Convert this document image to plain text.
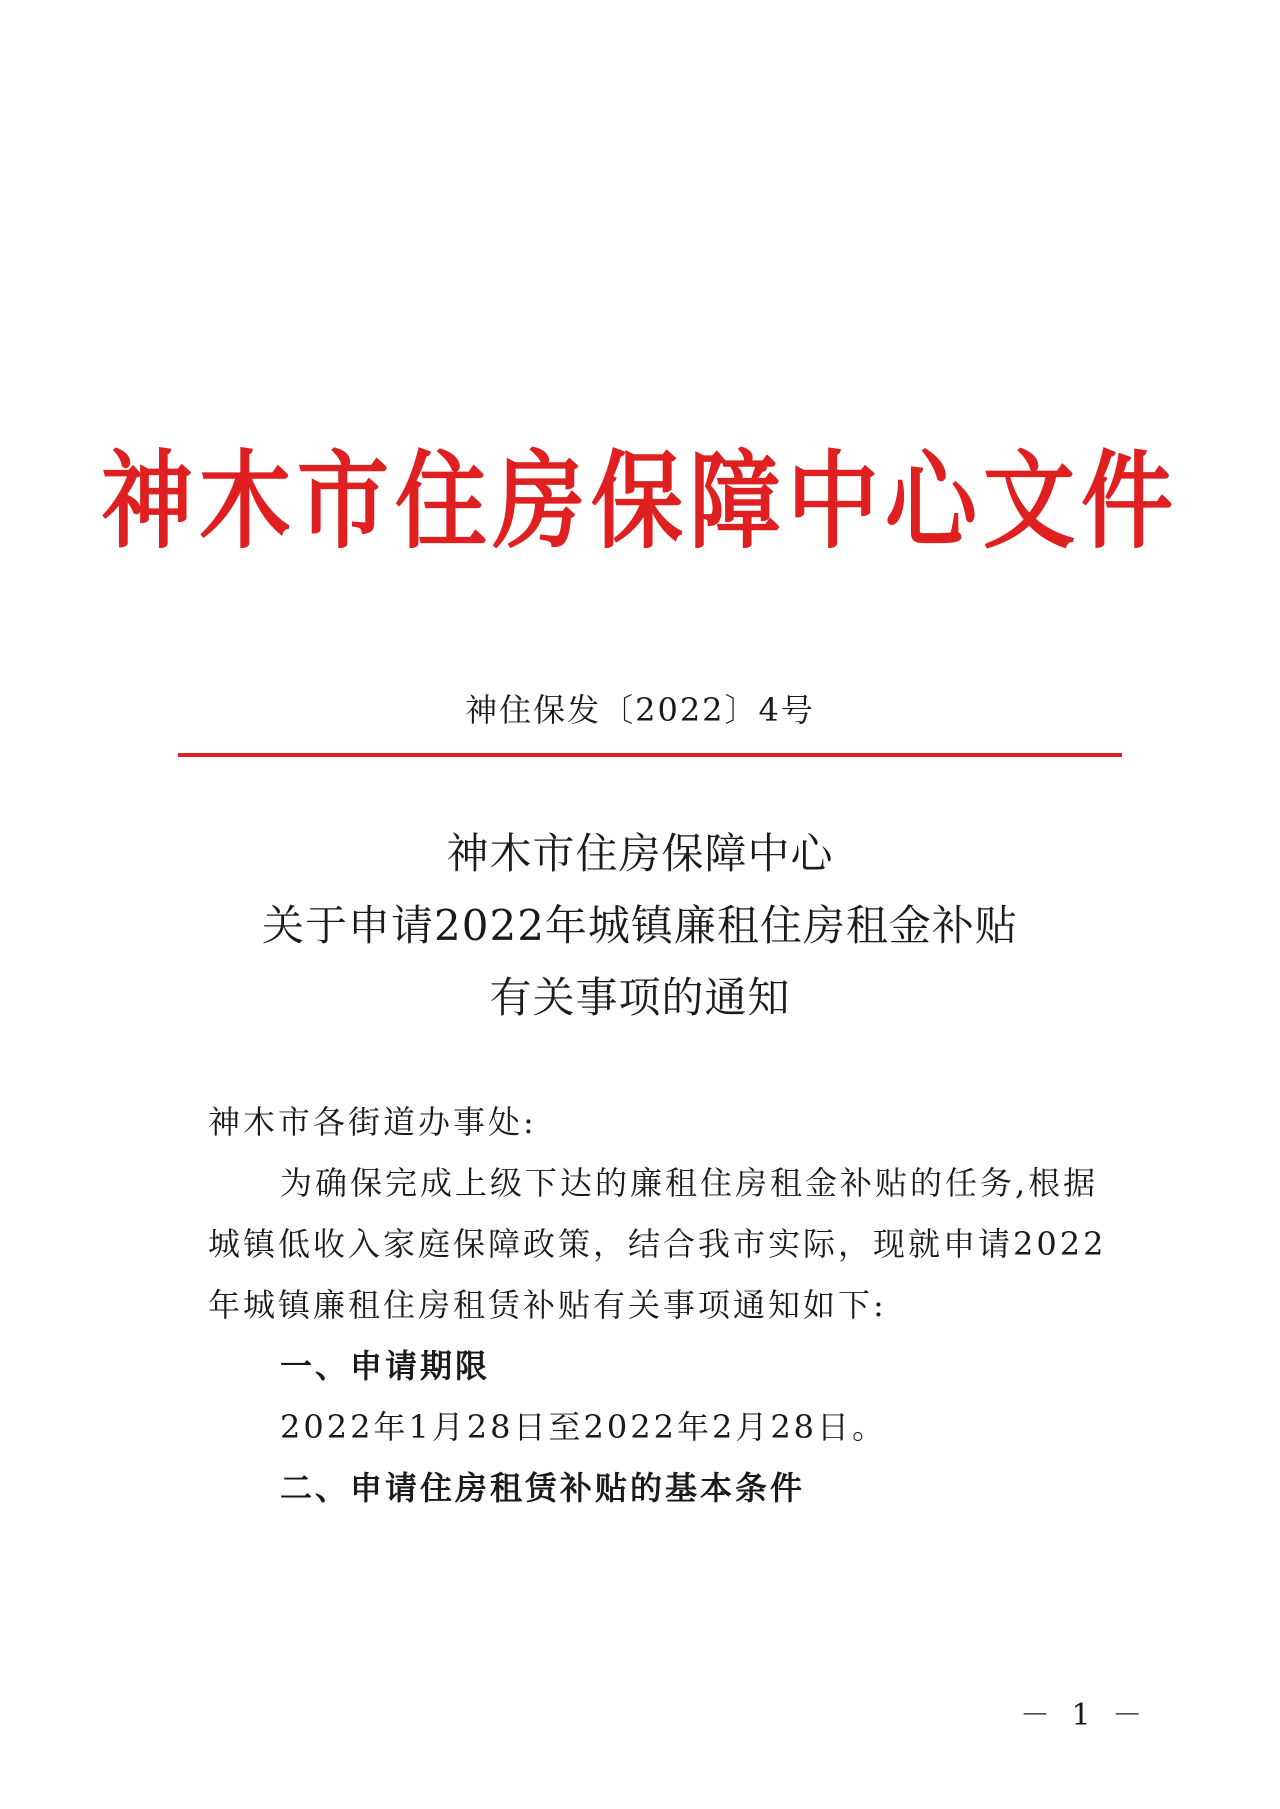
神木市住房保障中心文件
神住保发〔2022〕4号
神木市住房保障中心
关于申请2022年城镇廉租住房租金补贴
有关事项的通知

神木市各街道办事处:

为确保完成上级下达的廉租住房租金补贴的任务,根据

城镇低收入家庭保障政策，结合我市实际，现就申请2022

年城镇廉租住房租赁补贴有关事项通知如下:

一、申请期限

2022年1月28日至2022年2月28日。

二、申请住房租赁补贴的基本条件

－ 1 －
